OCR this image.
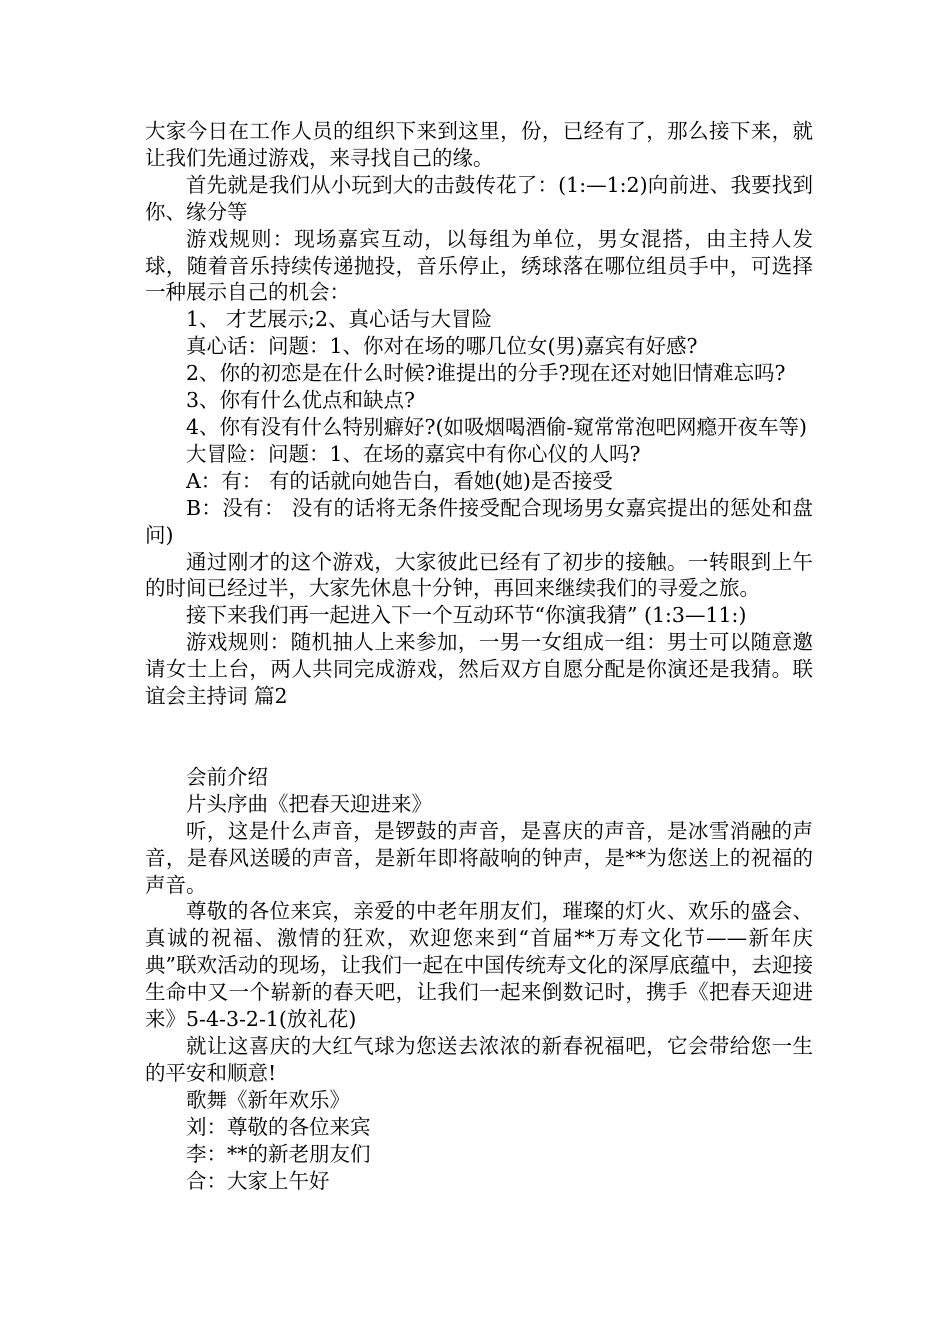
大家今日在工作人员的组织下来到这里，份，已经有了，那么接下来，就让我们先通过游戏，来寻找自己的缘。

首先就是我们从小玩到大的击鼓传花了：(1:—1:2)向前进、我要找到你、缘分等

游戏规则：现场嘉宾互动，以每组为单位，男女混搭，由主持人发球，随着音乐持续传递抛投，音乐停止，绣球落在哪位组员手中，可选择一种展示自己的机会：

1、 才艺展示;2、真心话与大冒险

真心话：问题：1、你对在场的哪几位女(男)嘉宾有好感?

2、你的初恋是在什么时候?谁提出的分手?现在还对她旧情难忘吗?

3、你有什么优点和缺点?

4、你有没有什么特别癖好?(如吸烟喝酒偷-窥常常泡吧网瘾开夜车等)

大冒险：问题：1、在场的嘉宾中有你心仪的人吗?

A：有： 有的话就向她告白，看她(她)是否接受

B：没有： 没有的话将无条件接受配合现场男女嘉宾提出的惩处和盘问)

通过刚才的这个游戏，大家彼此已经有了初步的接触。一转眼到上午的时间已经过半，大家先休息十分钟，再回来继续我们的寻爱之旅。

接下来我们再一起进入下一个互动环节“你演我猜” (1:3—11:)

游戏规则：随机抽人上来参加，一男一女组成一组：男士可以随意邀请女士上台，两人共同完成游戏，然后双方自愿分配是你演还是我猜。联谊会主持词 篇2

会前介绍

片头序曲《把春天迎进来》

听，这是什么声音，是锣鼓的声音，是喜庆的声音，是冰雪消融的声音，是春风送暖的声音，是新年即将敲响的钟声，是**为您送上的祝福的声音。

尊敬的各位来宾，亲爱的中老年朋友们，璀璨的灯火、欢乐的盛会、真诚的祝福、激情的狂欢，欢迎您来到“首届**万寿文化节——新年庆典”联欢活动的现场，让我们一起在中国传统寿文化的深厚底蕴中，去迎接生命中又一个崭新的春天吧，让我们一起来倒数记时，携手《把春天迎进来》5-4-3-2-1(放礼花)

就让这喜庆的大红气球为您送去浓浓的新春祝福吧，它会带给您一生的平安和顺意!

歌舞《新年欢乐》

刘：尊敬的各位来宾

李：**的新老朋友们

合：大家上午好
